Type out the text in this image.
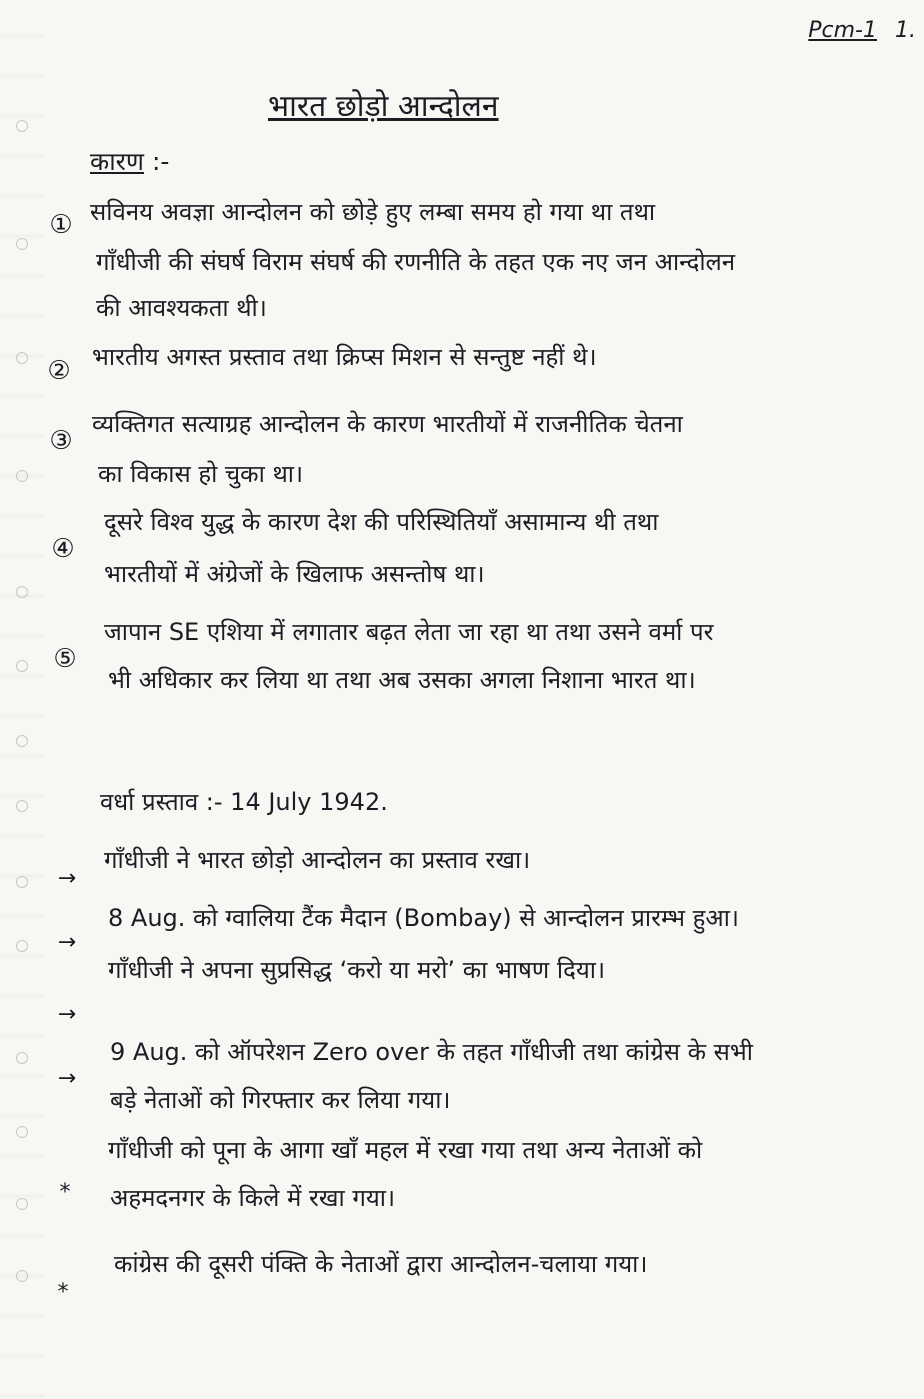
Pcm-1 1.
भारत छोड़ो आन्दोलन
कारण :-
① सविनय अवज्ञा आन्दोलन को छोड़े हुए लम्बा समय हो गया था तथा
गाँधीजी की संघर्ष विराम संघर्ष की रणनीति के तहत एक नए जन आन्दोलन
की आवश्यकता थी।
② भारतीय अगस्त प्रस्ताव तथा क्रिप्स मिशन से सन्तुष्ट नहीं थे।
③
व्यक्तिगत सत्याग्रह आन्दोलन के कारण भारतीयों में राजनीतिक चेतना
का विकास हो चुका था।
④
दूसरे विश्व युद्ध के कारण देश की परिस्थितियाँ असामान्य थी तथा
भारतीयों में अंग्रेजों के खिलाफ असन्तोष था।
⑤
जापान SE एशिया में लगातार बढ़त लेता जा रहा था तथा उसने वर्मा पर
भी अधिकार कर लिया था तथा अब उसका अगला निशाना भारत था।
वर्धा प्रस्ताव :- 14 July 1942.
→
गाँधीजी ने भारत छोड़ो आन्दोलन का प्रस्ताव रखा।
→
8 Aug. को ग्वालिया टैंक मैदान (Bombay) से आन्दोलन प्रारम्भ हुआ।
→
गाँधीजी ने अपना सुप्रसिद्ध ‘करो या मरो’ का भाषण दिया।
→
9 Aug. को ऑपरेशन Zero over के तहत गाँधीजी तथा कांग्रेस के सभी
बड़े नेताओं को गिरफ्तार कर लिया गया।
*
गाँधीजी को पूना के आगा खाँ महल में रखा गया तथा अन्य नेताओं को
अहमदनगर के किले में रखा गया।
*
कांग्रेस की दूसरी पंक्ति के नेताओं द्वारा आन्दोलन-चलाया गया।
